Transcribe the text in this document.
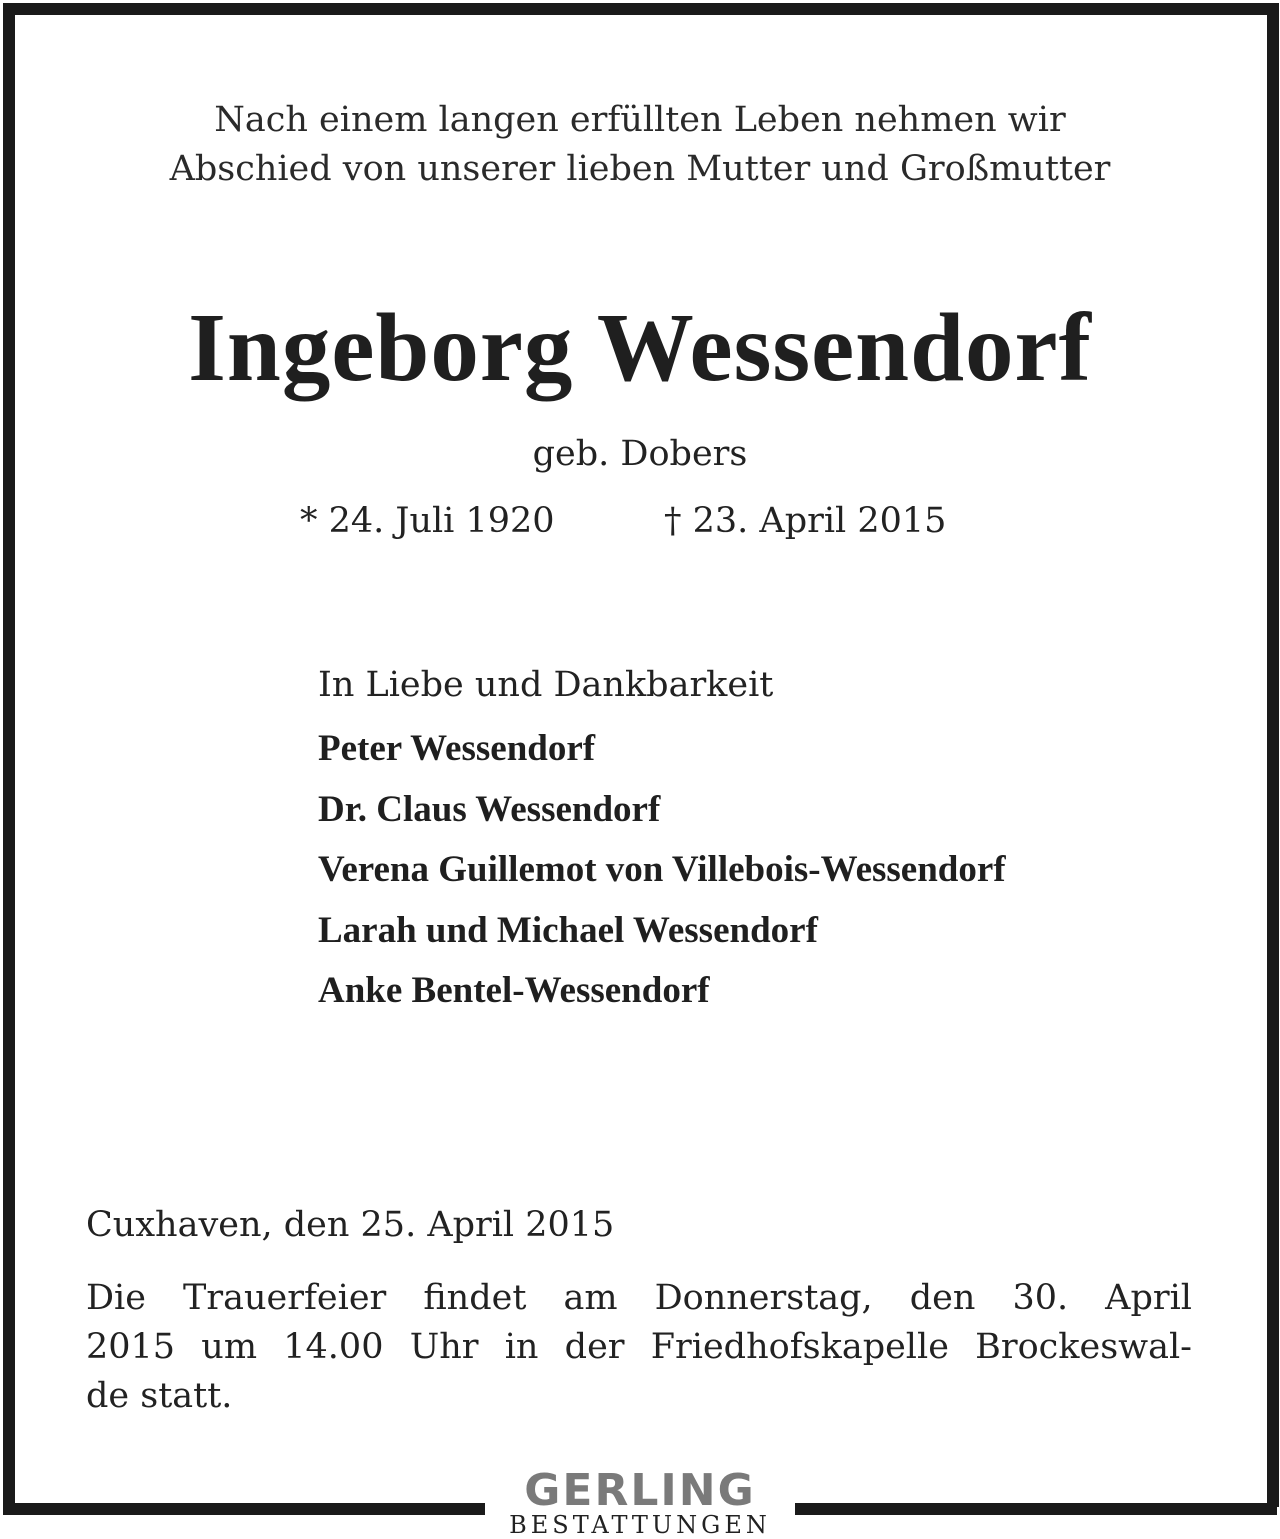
Nach einem langen erfüllten Leben nehmen wir
Abschied von unserer lieben Mutter und Großmutter
Ingeborg Wessendorf
geb. Dobers
* 24. Juli 1920	† 23. April 2015
In Liebe und Dankbarkeit
Peter Wessendorf
Dr. Claus Wessendorf
Verena Guillemot von Villebois-Wessendorf
Larah und Michael Wessendorf
Anke Bentel-Wessendorf
Cuxhaven, den 25. April 2015
Die Trauerfeier findet am Donnerstag, den 30. April
2015 um 14.00 Uhr in der Friedhofskapelle Brockeswal-
de statt.
GERLING
BESTATTUNGEN
